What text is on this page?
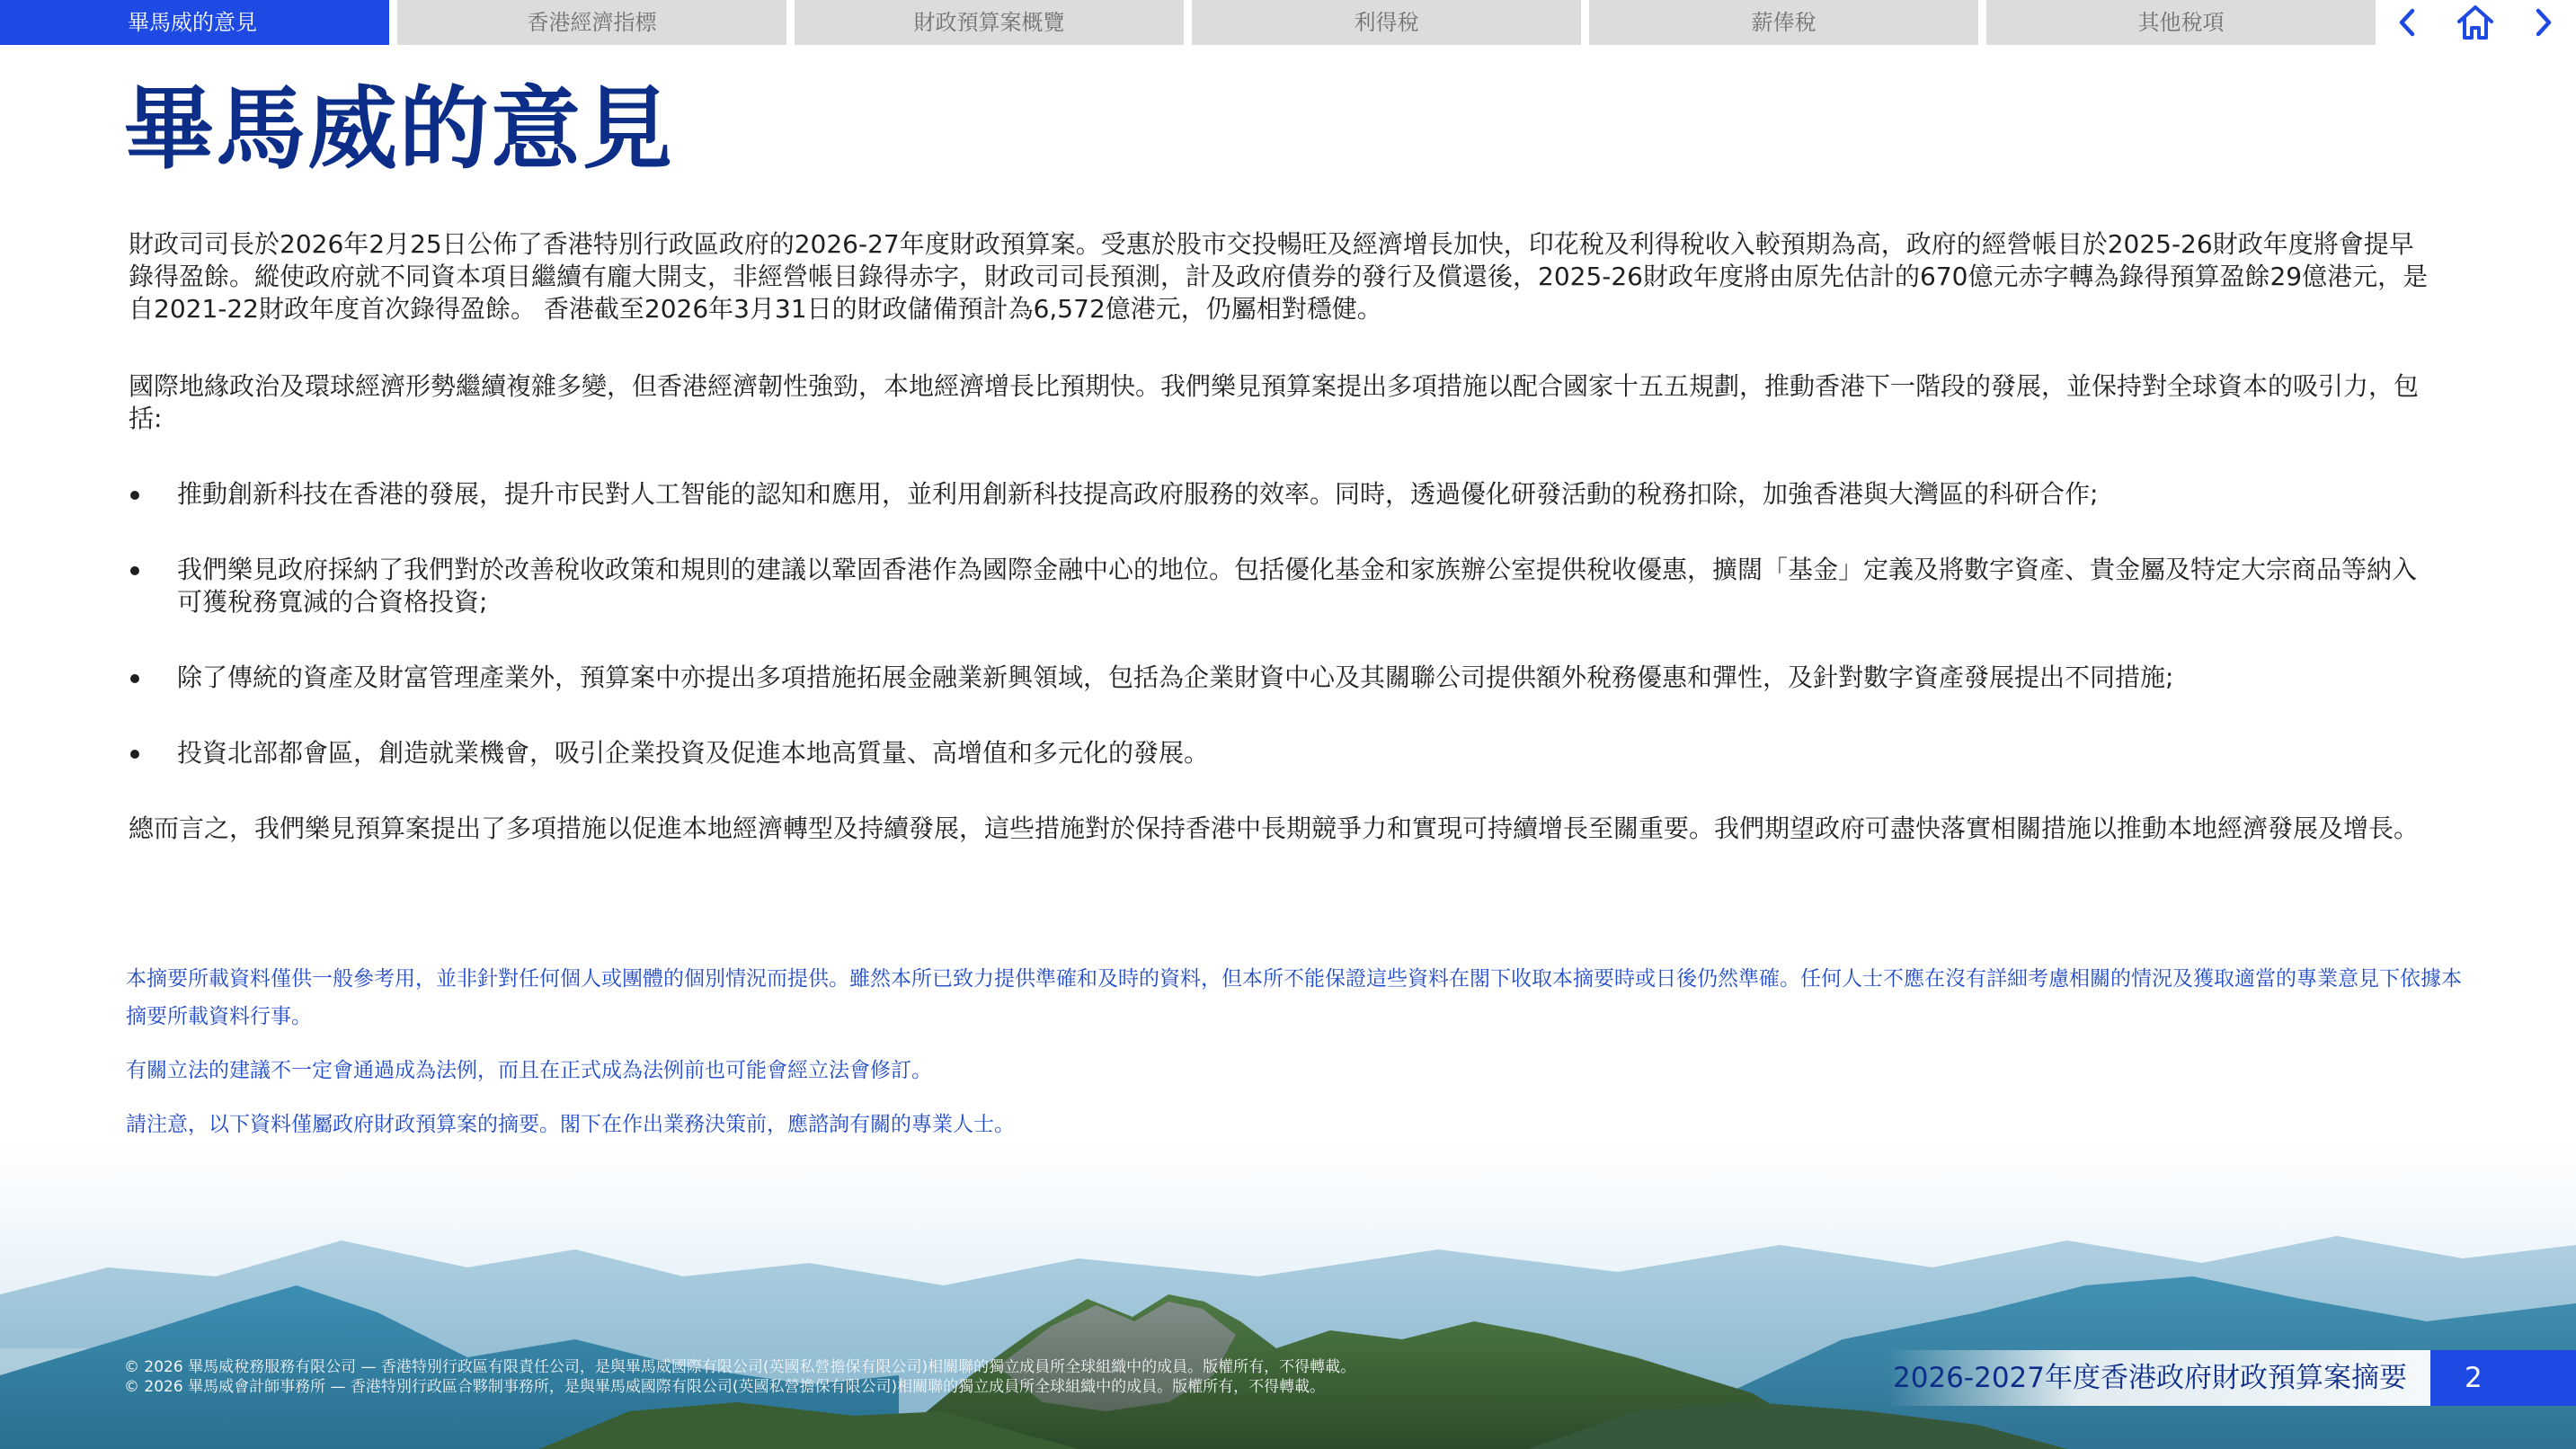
畢馬威的意見	香港經濟指標	財政預算案概覽	利得稅	薪俸稅	其他稅項
畢馬威的意見

財政司司長於2026年2月25日公佈了香港特別行政區政府的2026-27年度財政預算案。受惠於股市交投暢旺及經濟增長加快，印花稅及利得稅收入較預期為高，政府的經營帳目於2025-26財政年度將會提早錄得盈餘。縱使政府就不同資本項目繼續有龐大開支，非經營帳目錄得赤字，財政司司長預測，計及政府債券的發行及償還後，2025-26財政年度將由原先估計的670億元赤字轉為錄得預算盈餘29億港元，是自2021-22財政年度首次錄得盈餘。 香港截至2026年3月31日的財政儲備預計為6,572億港元，仍屬相對穩健。

國際地緣政治及環球經濟形勢繼續複雜多變，但香港經濟韌性強勁，本地經濟增長比預期快。我們樂見預算案提出多項措施以配合國家十五五規劃，推動香港下一階段的發展，並保持對全球資本的吸引力，包括:

推動創新科技在香港的發展，提升市民對人工智能的認知和應用，並利用創新科技提高政府服務的效率。同時，透過優化研發活動的稅務扣除，加強香港與大灣區的科研合作;
我們樂見政府採納了我們對於改善稅收政策和規則的建議以鞏固香港作為國際金融中心的地位。包括優化基金和家族辦公室提供稅收優惠，擴闊「基金」定義及將數字資產、貴金屬及特定大宗商品等納入可獲稅務寬減的合資格投資;
除了傳統的資產及財富管理產業外，預算案中亦提出多項措施拓展金融業新興領域，包括為企業財資中心及其關聯公司提供額外稅務優惠和彈性，及針對數字資產發展提出不同措施;
投資北部都會區，創造就業機會，吸引企業投資及促進本地高質量、高增值和多元化的發展。

總而言之，我們樂見預算案提出了多項措施以促進本地經濟轉型及持續發展，這些措施對於保持香港中長期競爭力和實現可持續增長至關重要。我們期望政府可盡快落實相關措施以推動本地經濟發展及增長。

本摘要所載資料僅供一般參考用，並非針對任何個人或團體的個別情況而提供。雖然本所已致力提供準確和及時的資料，但本所不能保證這些資料在閣下收取本摘要時或日後仍然準確。任何人士不應在沒有詳細考慮相關的情況及獲取適當的專業意見下依據本摘要所載資料行事。

有關立法的建議不一定會通過成為法例，而且在正式成為法例前也可能會經立法會修訂。

請注意，以下資料僅屬政府財政預算案的摘要。閣下在作出業務決策前，應諮詢有關的專業人士。

© 2026 畢馬威稅務服務有限公司 — 香港特別行政區有限責任公司，是與畢馬威國際有限公司(英國私營擔保有限公司)相關聯的獨立成員所全球組織中的成員。版權所有，不得轉載。
© 2026 畢馬威會計師事務所 — 香港特別行政區合夥制事務所，是與畢馬威國際有限公司(英國私營擔保有限公司)相關聯的獨立成員所全球組織中的成員。版權所有，不得轉載。	2026-2027年度香港政府財政預算案摘要	2
